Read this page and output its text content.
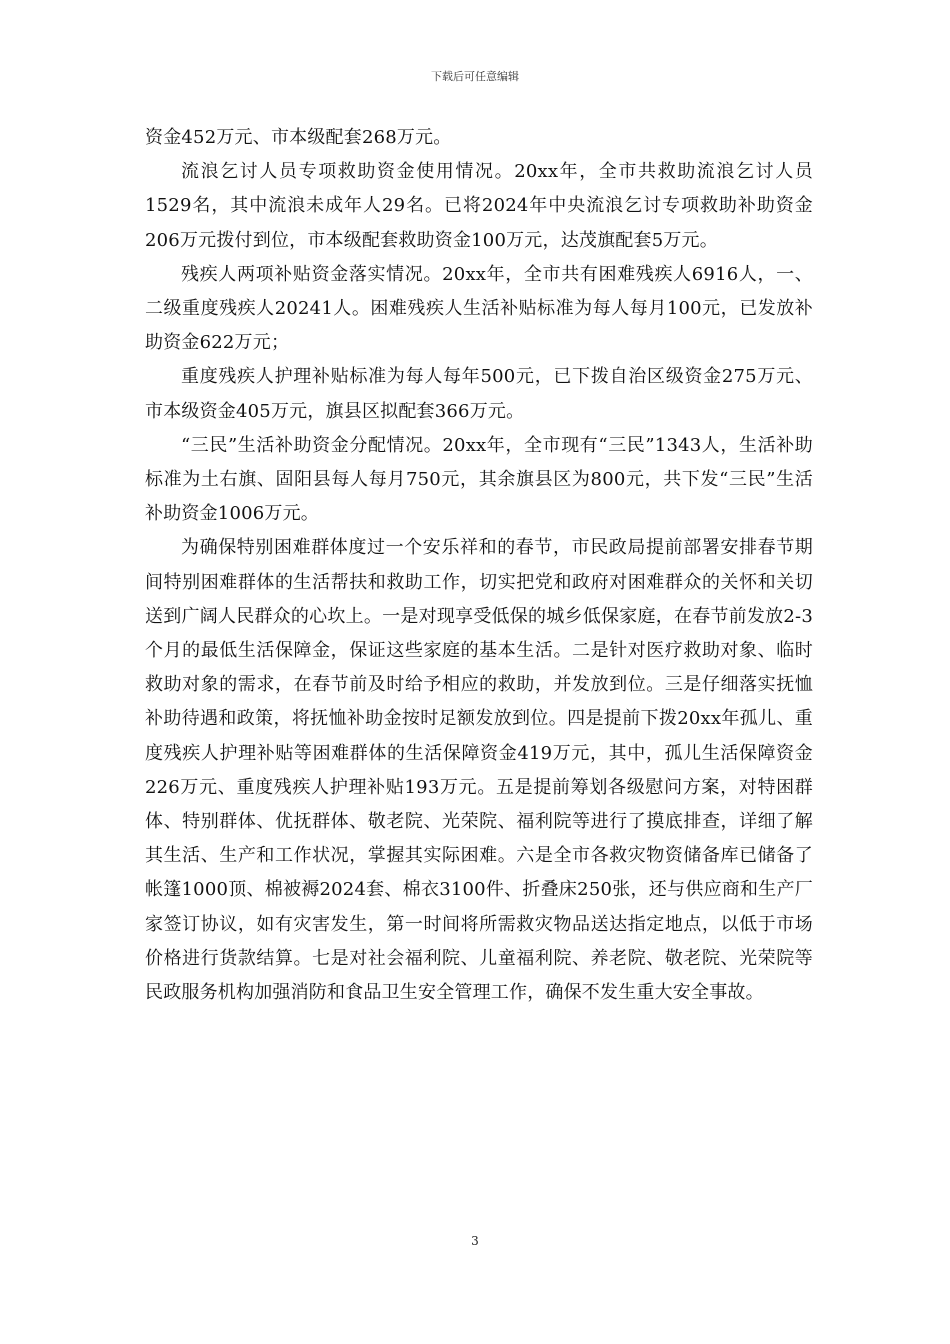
下载后可任意编辑

资金452万元、市本级配套268万元。

流浪乞讨人员专项救助资金使用情况。20xx年，全市共救助流浪乞讨人员1529名，其中流浪未成年人29名。已将2024年中央流浪乞讨专项救助补助资金206万元拨付到位，市本级配套救助资金100万元，达茂旗配套5万元。

残疾人两项补贴资金落实情况。20xx年，全市共有困难残疾人6916人，一、二级重度残疾人20241人。困难残疾人生活补贴标准为每人每月100元，已发放补助资金622万元；

重度残疾人护理补贴标准为每人每年500元，已下拨自治区级资金275万元、市本级资金405万元，旗县区拟配套366万元。

“三民”生活补助资金分配情况。20xx年，全市现有“三民”1343人，生活补助标准为土右旗、固阳县每人每月750元，其余旗县区为800元，共下发“三民”生活补助资金1006万元。

为确保特别困难群体度过一个安乐祥和的春节，市民政局提前部署安排春节期间特别困难群体的生活帮扶和救助工作，切实把党和政府对困难群众的关怀和关切送到广阔人民群众的心坎上。一是对现享受低保的城乡低保家庭，在春节前发放2-3个月的最低生活保障金，保证这些家庭的基本生活。二是针对医疗救助对象、临时救助对象的需求，在春节前及时给予相应的救助，并发放到位。三是仔细落实抚恤补助待遇和政策，将抚恤补助金按时足额发放到位。四是提前下拨20xx年孤儿、重度残疾人护理补贴等困难群体的生活保障资金419万元，其中，孤儿生活保障资金226万元、重度残疾人护理补贴193万元。五是提前筹划各级慰问方案，对特困群体、特别群体、优抚群体、敬老院、光荣院、福利院等进行了摸底排查，详细了解其生活、生产和工作状况，掌握其实际困难。六是全市各救灾物资储备库已储备了帐篷1000顶、棉被褥2024套、棉衣3100件、折叠床250张，还与供应商和生产厂家签订协议，如有灾害发生，第一时间将所需救灾物品送达指定地点，以低于市场价格进行货款结算。七是对社会福利院、儿童福利院、养老院、敬老院、光荣院等民政服务机构加强消防和食品卫生安全管理工作，确保不发生重大安全事故。

3
